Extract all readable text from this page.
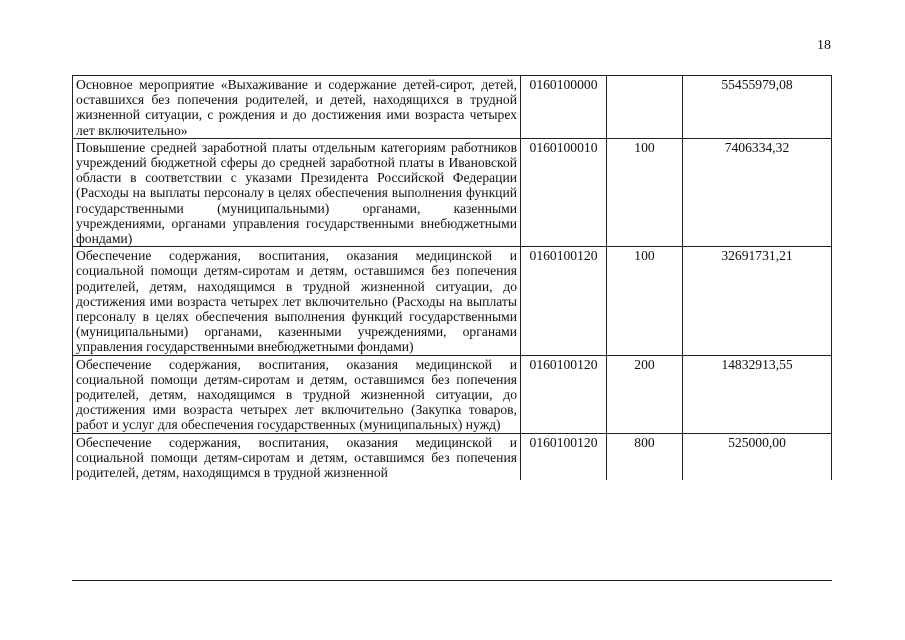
18
Основное мероприятие «Выхаживание и содержание детей-сирот, детей, оставшихся без попечения родителей, и детей, находящихся в трудной жизненной ситуации, с рождения и до достижения ими возраста четырех лет включительно»	0160100000		55455979,08
Повышение средней заработной платы отдельным категориям работников учреждений бюджетной сферы до средней заработной платы в Ивановской области в соответствии с указами Президента Российской Федерации (Расходы на выплаты персоналу в целях обеспечения выполнения функций государственными (муниципальными) органами, казенными учреждениями, органами управления государственными внебюджетными фондами)	0160100010	100	7406334,32
Обеспечение содержания, воспитания, оказания медицинской и социальной помощи детям-сиротам и детям, оставшимся без попечения родителей, детям, находящимся в трудной жизненной ситуации, до достижения ими возраста четырех лет включительно (Расходы на выплаты персоналу в целях обеспечения выполнения функций государственными (муниципальными) органами, казенными учреждениями, органами управления государственными внебюджетными фондами)	0160100120	100	32691731,21
Обеспечение содержания, воспитания, оказания медицинской и социальной помощи детям-сиротам и детям, оставшимся без попечения родителей, детям, находящимся в трудной жизненной ситуации, до достижения ими возраста четырех лет включительно (Закупка товаров, работ и услуг для обеспечения государственных (муниципальных) нужд)	0160100120	200	14832913,55
Обеспечение содержания, воспитания, оказания медицинской и социальной помощи детям-сиротам и детям, оставшимся без попечения родителей, детям, находящимся в трудной жизненной	0160100120	800	525000,00
